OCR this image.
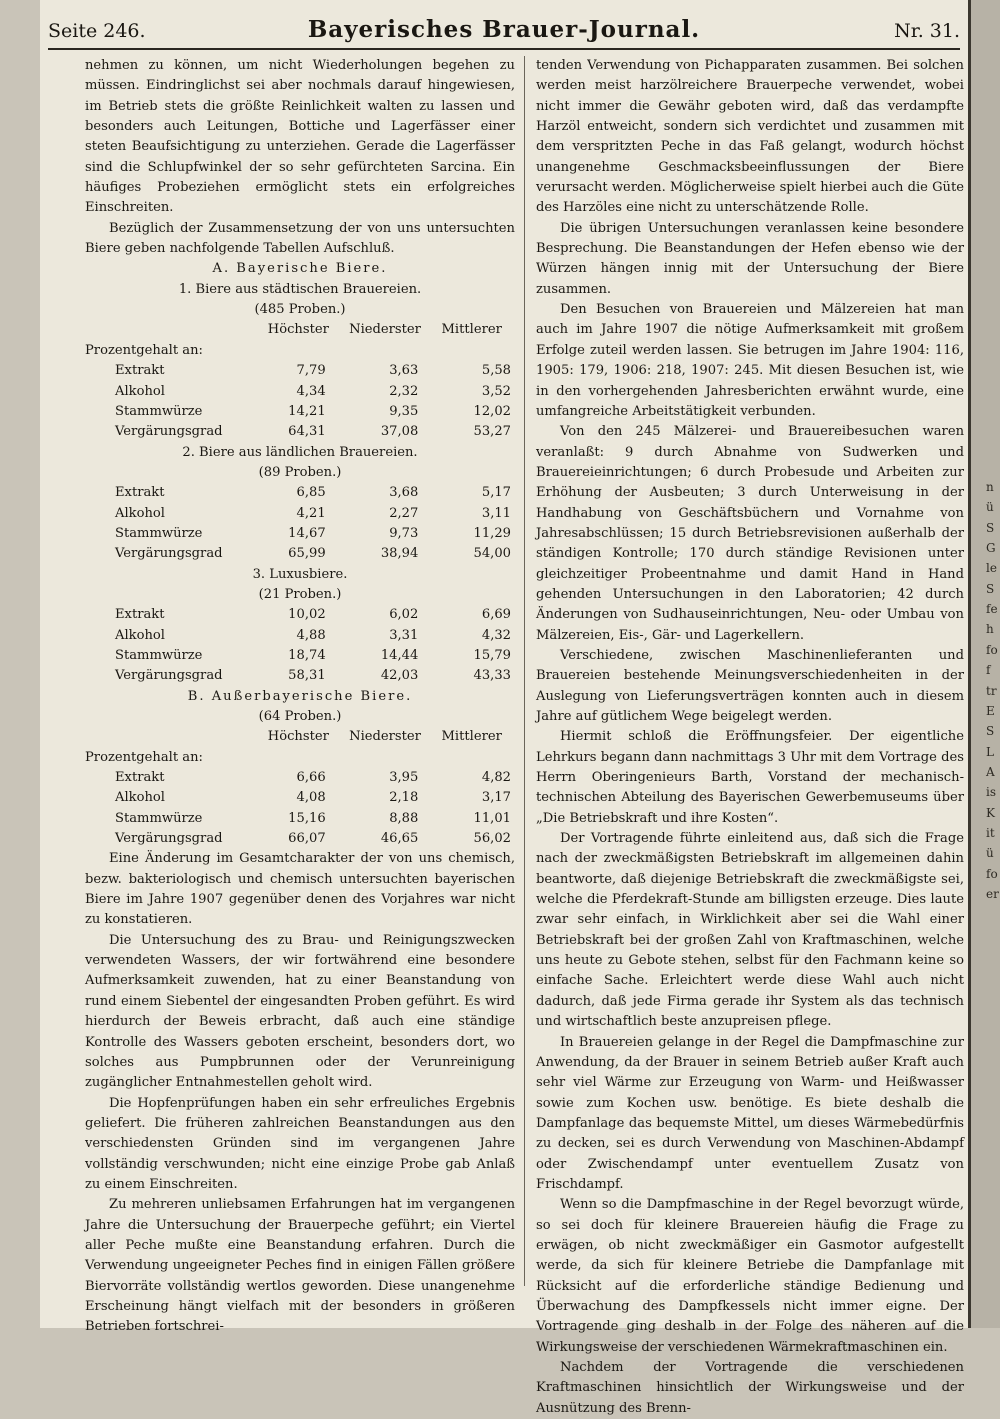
Seite 246.	Bayerisches Brauer-Journal.	Nr. 31.

nehmen zu können, um nicht Wiederholungen begehen zu müssen. Eindringlichst sei aber nochmals darauf hingewiesen, im Betrieb stets die größte Reinlichkeit walten zu lassen und besonders auch Leitungen, Bottiche und Lagerfässer einer steten Beaufsichtigung zu unterziehen. Gerade die Lagerfässer sind die Schlupfwinkel der so sehr gefürchteten Sarcina. Ein häufiges Probeziehen ermöglicht stets ein erfolgreiches Einschreiten.

Bezüglich der Zusammensetzung der von uns untersuchten Biere geben nachfolgende Tabellen Aufschluß.

A. Bayerische Biere.
1. Biere aus städtischen Brauereien.
(485 Proben.)
Höchster	Niederster	Mittlerer
Prozentgehalt an:
Extrakt	7,79	3,63	5,58
Alkohol	4,34	2,32	3,52
Stammwürze	14,21	9,35	12,02
Vergärungsgrad	64,31	37,08	53,27
2. Biere aus ländlichen Brauereien.
(89 Proben.)
Extrakt	6,85	3,68	5,17
Alkohol	4,21	2,27	3,11
Stammwürze	14,67	9,73	11,29
Vergärungsgrad	65,99	38,94	54,00
3. Luxusbiere.
(21 Proben.)
Extrakt	10,02	6,02	6,69
Alkohol	4,88	3,31	4,32
Stammwürze	18,74	14,44	15,79
Vergärungsgrad	58,31	42,03	43,33
B. Außerbayerische Biere.
(64 Proben.)
Höchster	Niederster	Mittlerer
Prozentgehalt an:
Extrakt	6,66	3,95	4,82
Alkohol	4,08	2,18	3,17
Stammwürze	15,16	8,88	11,01
Vergärungsgrad	66,07	46,65	56,02

Eine Änderung im Gesamtcharakter der von uns chemisch, bezw. bakteriologisch und chemisch untersuchten bayerischen Biere im Jahre 1907 gegenüber denen des Vorjahres war nicht zu konstatieren.

Die Untersuchung des zu Brau- und Reinigungszwecken verwendeten Wassers, der wir fortwährend eine besondere Aufmerksamkeit zuwenden, hat zu einer Beanstandung von rund einem Siebentel der eingesandten Proben geführt. Es wird hierdurch der Beweis erbracht, daß auch eine ständige Kontrolle des Wassers geboten erscheint, besonders dort, wo solches aus Pumpbrunnen oder der Verunreinigung zugänglicher Entnahmestellen geholt wird.

Die Hopfenprüfungen haben ein sehr erfreuliches Ergebnis geliefert. Die früheren zahlreichen Beanstandungen aus den verschiedensten Gründen sind im vergangenen Jahre vollständig verschwunden; nicht eine einzige Probe gab Anlaß zu einem Einschreiten.

Zu mehreren unliebsamen Erfahrungen hat im vergangenen Jahre die Untersuchung der Brauerpeche geführt; ein Viertel aller Peche mußte eine Beanstandung erfahren. Durch die Verwendung ungeeigneter Peches find in einigen Fällen größere Biervorräte vollständig wertlos geworden. Diese unangenehme Erscheinung hängt vielfach mit der besonders in größeren Betrieben fortschrei-

tenden Verwendung von Pichapparaten zusammen. Bei solchen werden meist harzölreichere Brauerpeche verwendet, wobei nicht immer die Gewähr geboten wird, daß das verdampfte Harzöl entweicht, sondern sich verdichtet und zusammen mit dem verspritzten Peche in das Faß gelangt, wodurch höchst unangenehme Geschmacksbeeinflussungen der Biere verursacht werden. Möglicherweise spielt hierbei auch die Güte des Harzöles eine nicht zu unterschätzende Rolle.

Die übrigen Untersuchungen veranlassen keine besondere Besprechung. Die Beanstandungen der Hefen ebenso wie der Würzen hängen innig mit der Untersuchung der Biere zusammen.

Den Besuchen von Brauereien und Mälzereien hat man auch im Jahre 1907 die nötige Aufmerksamkeit mit großem Erfolge zuteil werden lassen. Sie betrugen im Jahre 1904: 116, 1905: 179, 1906: 218, 1907: 245. Mit diesen Besuchen ist, wie in den vorhergehenden Jahresberichten erwähnt wurde, eine umfangreiche Arbeitstätigkeit verbunden.

Von den 245 Mälzerei- und Brauereibesuchen waren veranlaßt: 9 durch Abnahme von Sudwerken und Brauereieinrichtungen; 6 durch Probesude und Arbeiten zur Erhöhung der Ausbeuten; 3 durch Unterweisung in der Handhabung von Geschäftsbüchern und Vornahme von Jahresabschlüssen; 15 durch Betriebsrevisionen außerhalb der ständigen Kontrolle; 170 durch ständige Revisionen unter gleichzeitiger Probeentnahme und damit Hand in Hand gehenden Untersuchungen in den Laboratorien; 42 durch Änderungen von Sudhauseinrichtungen, Neu- oder Umbau von Mälzereien, Eis-, Gär- und Lagerkellern.

Verschiedene, zwischen Maschinenlieferanten und Brauereien bestehende Meinungsverschiedenheiten in der Auslegung von Lieferungsverträgen konnten auch in diesem Jahre auf gütlichem Wege beigelegt werden.

Hiermit schloß die Eröffnungsfeier. Der eigentliche Lehrkurs begann dann nachmittags 3 Uhr mit dem Vortrage des Herrn Oberingenieurs Barth, Vorstand der mechanisch-technischen Abteilung des Bayerischen Gewerbemuseums über „Die Betriebskraft und ihre Kosten“.

Der Vortragende führte einleitend aus, daß sich die Frage nach der zweckmäßigsten Betriebskraft im allgemeinen dahin beantworte, daß diejenige Betriebskraft die zweckmäßigste sei, welche die Pferdekraft-Stunde am billigsten erzeuge. Dies laute zwar sehr einfach, in Wirklichkeit aber sei die Wahl einer Betriebskraft bei der großen Zahl von Kraftmaschinen, welche uns heute zu Gebote stehen, selbst für den Fachmann keine so einfache Sache. Erleichtert werde diese Wahl auch nicht dadurch, daß jede Firma gerade ihr System als das technisch und wirtschaftlich beste anzupreisen pflege.

In Brauereien gelange in der Regel die Dampfmaschine zur Anwendung, da der Brauer in seinem Betrieb außer Kraft auch sehr viel Wärme zur Erzeugung von Warm- und Heißwasser sowie zum Kochen usw. benötige. Es biete deshalb die Dampfanlage das bequemste Mittel, um dieses Wärmebedürfnis zu decken, sei es durch Verwendung von Maschinen-Abdampf oder Zwischendampf unter eventuellem Zusatz von Frischdampf.

Wenn so die Dampfmaschine in der Regel bevorzugt würde, so sei doch für kleinere Brauereien häufig die Frage zu erwägen, ob nicht zweckmäßiger ein Gasmotor aufgestellt werde, da sich für kleinere Betriebe die Dampfanlage mit Rücksicht auf die erforderliche ständige Bedienung und Überwachung des Dampfkessels nicht immer eigne. Der Vortragende ging deshalb in der Folge des näheren auf die Wirkungsweise der verschiedenen Wärmekraftmaschinen ein.

Nachdem der Vortragende die verschiedenen Kraftmaschinen hinsichtlich der Wirkungsweise und der Ausnützung des Brenn-

n
ü
S
G
le
S
fe
h
fo
f
tr
E
S
L
A
is
K
it
ü
fo
er
